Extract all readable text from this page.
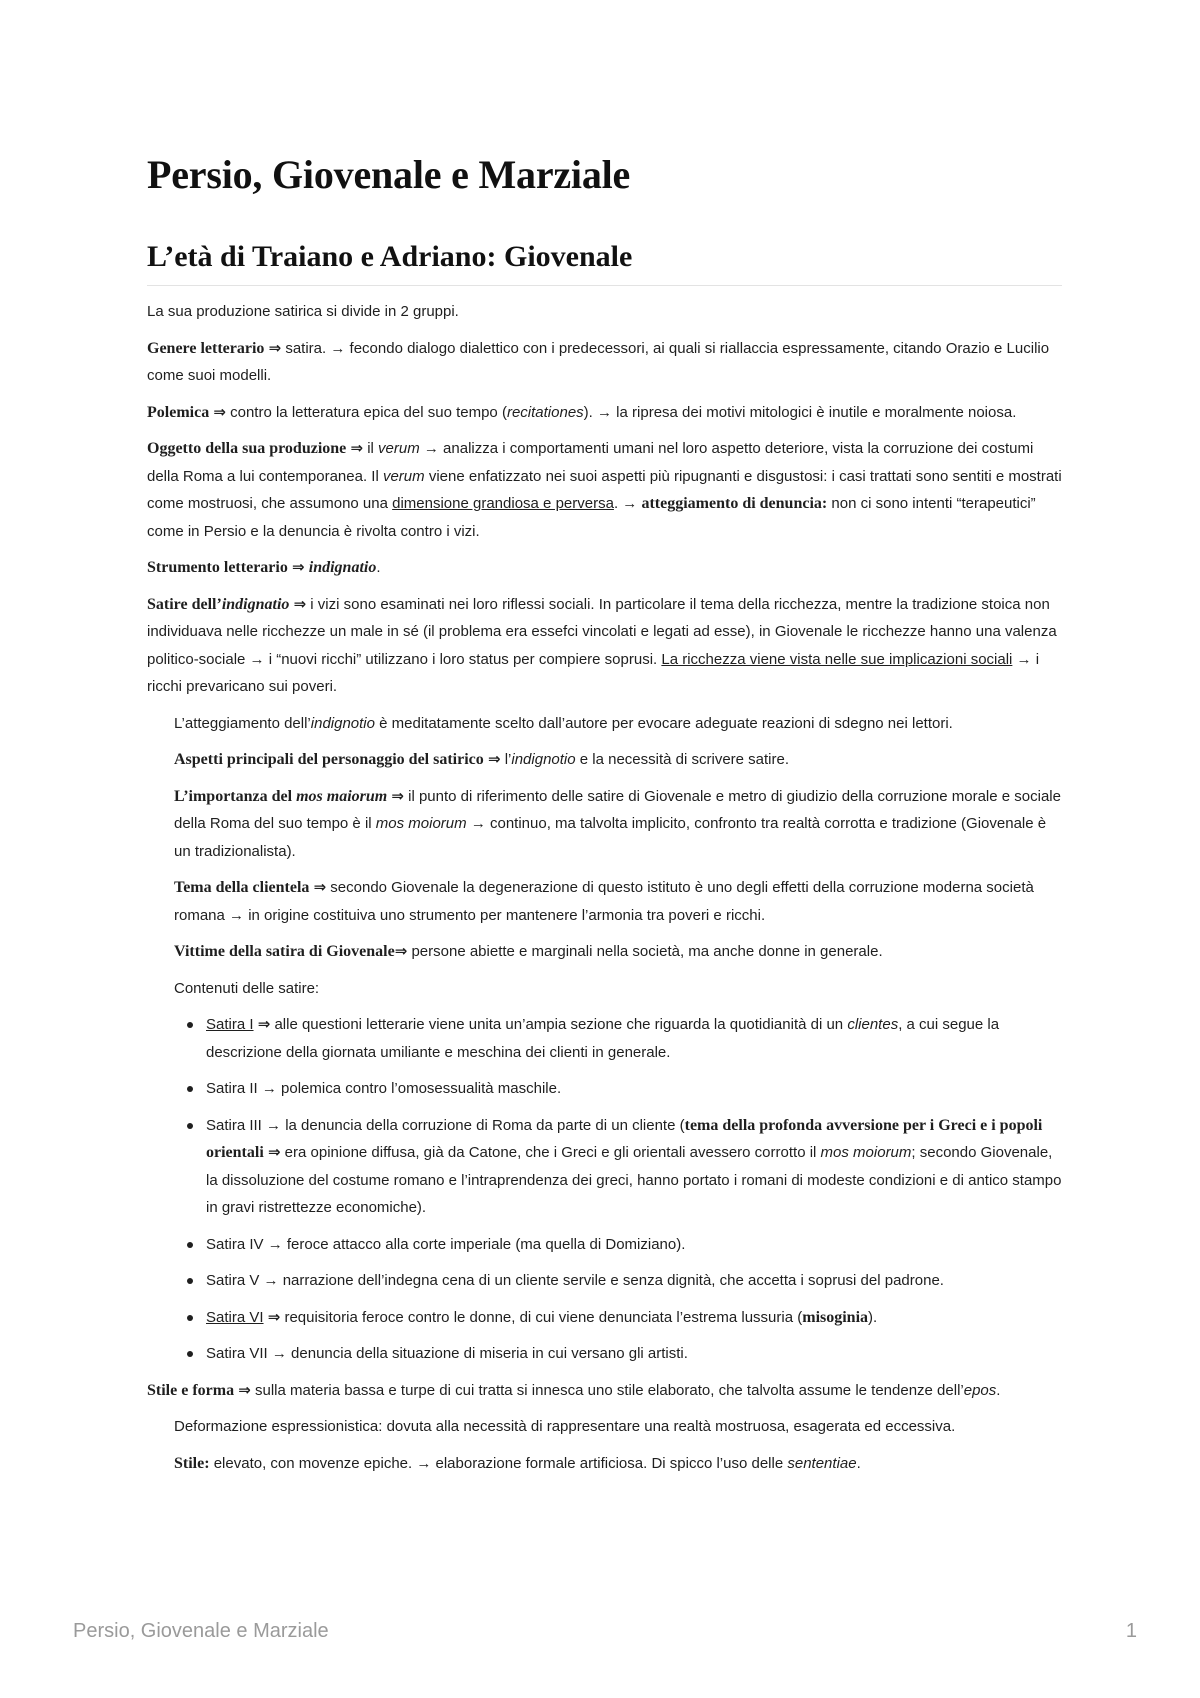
Persio, Giovenale e Marziale
L’età di Traiano e Adriano: Giovenale

La sua produzione satirica si divide in 2 gruppi.

Genere letterario ⇒ satira. → fecondo dialogo dialettico con i predecessori, ai quali si riallaccia espressamente, citando Orazio e Lucilio come suoi modelli.

Polemica ⇒ contro la letteratura epica del suo tempo (recitationes). → la ripresa dei motivi mitologici è inutile e moralmente noiosa.

Oggetto della sua produzione ⇒ il verum → analizza i comportamenti umani nel loro aspetto deteriore, vista la corruzione dei costumi della Roma a lui contemporanea. Il verum viene enfatizzato nei suoi aspetti più ripugnanti e disgustosi: i casi trattati sono sentiti e mostrati come mostruosi, che assumono una dimensione grandiosa e perversa. → atteggiamento di denuncia: non ci sono intenti “terapeutici” come in Persio e la denuncia è rivolta contro i vizi.

Strumento letterario ⇒ indignatio.

Satire dell’indignatio ⇒ i vizi sono esaminati nei loro riflessi sociali. In particolare il tema della ricchezza, mentre la tradizione stoica non individuava nelle ricchezze un male in sé (il problema era essefci vincolati e legati ad esse), in Giovenale le ricchezze hanno una valenza politico-sociale → i “nuovi ricchi” utilizzano i loro status per compiere soprusi. La ricchezza viene vista nelle sue implicazioni sociali → i ricchi prevaricano sui poveri.

L’atteggiamento dell’indignotio è meditatamente scelto dall’autore per evocare adeguate reazioni di sdegno nei lettori.

Aspetti principali del personaggio del satirico ⇒ l’indignotio e la necessità di scrivere satire.

L’importanza del mos maiorum ⇒ il punto di riferimento delle satire di Giovenale e metro di giudizio della corruzione morale e sociale della Roma del suo tempo è il mos moiorum → continuo, ma talvolta implicito, confronto tra realtà corrotta e tradizione (Giovenale è un tradizionalista).

Tema della clientela ⇒ secondo Giovenale la degenerazione di questo istituto è uno degli effetti della corruzione moderna società romana → in origine costituiva uno strumento per mantenere l’armonia tra poveri e ricchi.

Vittime della satira di Giovenale⇒ persone abiette e marginali nella società, ma anche donne in generale.

Contenuti delle satire:

Satira I ⇒ alle questioni letterarie viene unita un’ampia sezione che riguarda la quotidianità di un clientes, a cui segue la descrizione della giornata umiliante e meschina dei clienti in generale.
Satira II → polemica contro l’omosessualità maschile.
Satira III → la denuncia della corruzione di Roma da parte di un cliente (tema della profonda avversione per i Greci e i popoli orientali ⇒ era opinione diffusa, già da Catone, che i Greci e gli orientali avessero corrotto il mos moiorum; secondo Giovenale, la dissoluzione del costume romano e l’intraprendenza dei greci, hanno portato i romani di modeste condizioni e di antico stampo in gravi ristrettezze economiche).
Satira IV → feroce attacco alla corte imperiale (ma quella di Domiziano).
Satira V → narrazione dell’indegna cena di un cliente servile e senza dignità, che accetta i soprusi del padrone.
Satira VI ⇒ requisitoria feroce contro le donne, di cui viene denunciata l’estrema lussuria (misoginia).
Satira VII → denuncia della situazione di miseria in cui versano gli artisti.

Stile e forma ⇒ sulla materia bassa e turpe di cui tratta si innesca uno stile elaborato, che talvolta assume le tendenze dell’epos.

Deformazione espressionistica: dovuta alla necessità di rappresentare una realtà mostruosa, esagerata ed eccessiva.

Stile: elevato, con movenze epiche. → elaborazione formale artificiosa. Di spicco l’uso delle sententiae.

Persio, Giovenale e Marziale	1
